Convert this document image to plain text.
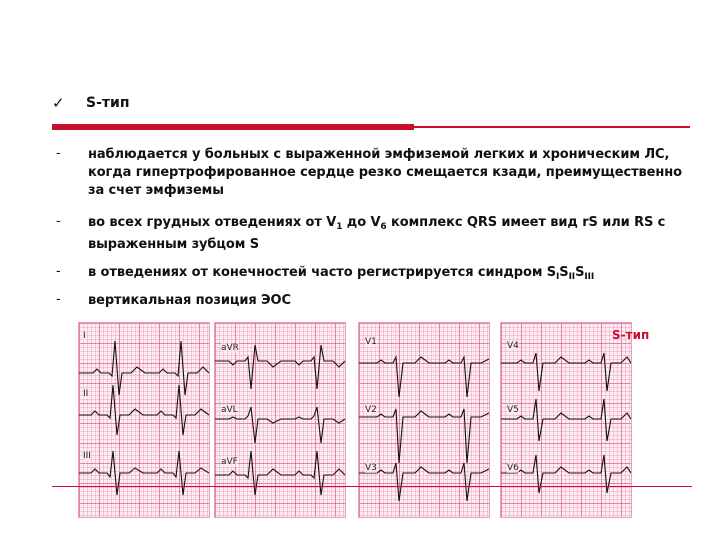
✓ S-тип
- наблюдается у больных с выраженной эмфиземой легких и хроническим ЛС, когда гипертрофированное сердце резко смещается кзади, преимущественно за счет эмфиземы
- во всех грудных отведениях от $V_1$ до $V_6$ комплекс QRS имеет вид rS или RS с выраженным зубцом S
- в отведениях от конечностей часто регистрируется синдром $S_IS_{II}S_{III}$
- вертикальная позиция ЭОС
I
II
III
aVR
aVL
aVF
V1
V2
V3
V4
V5
V6
S-тип
